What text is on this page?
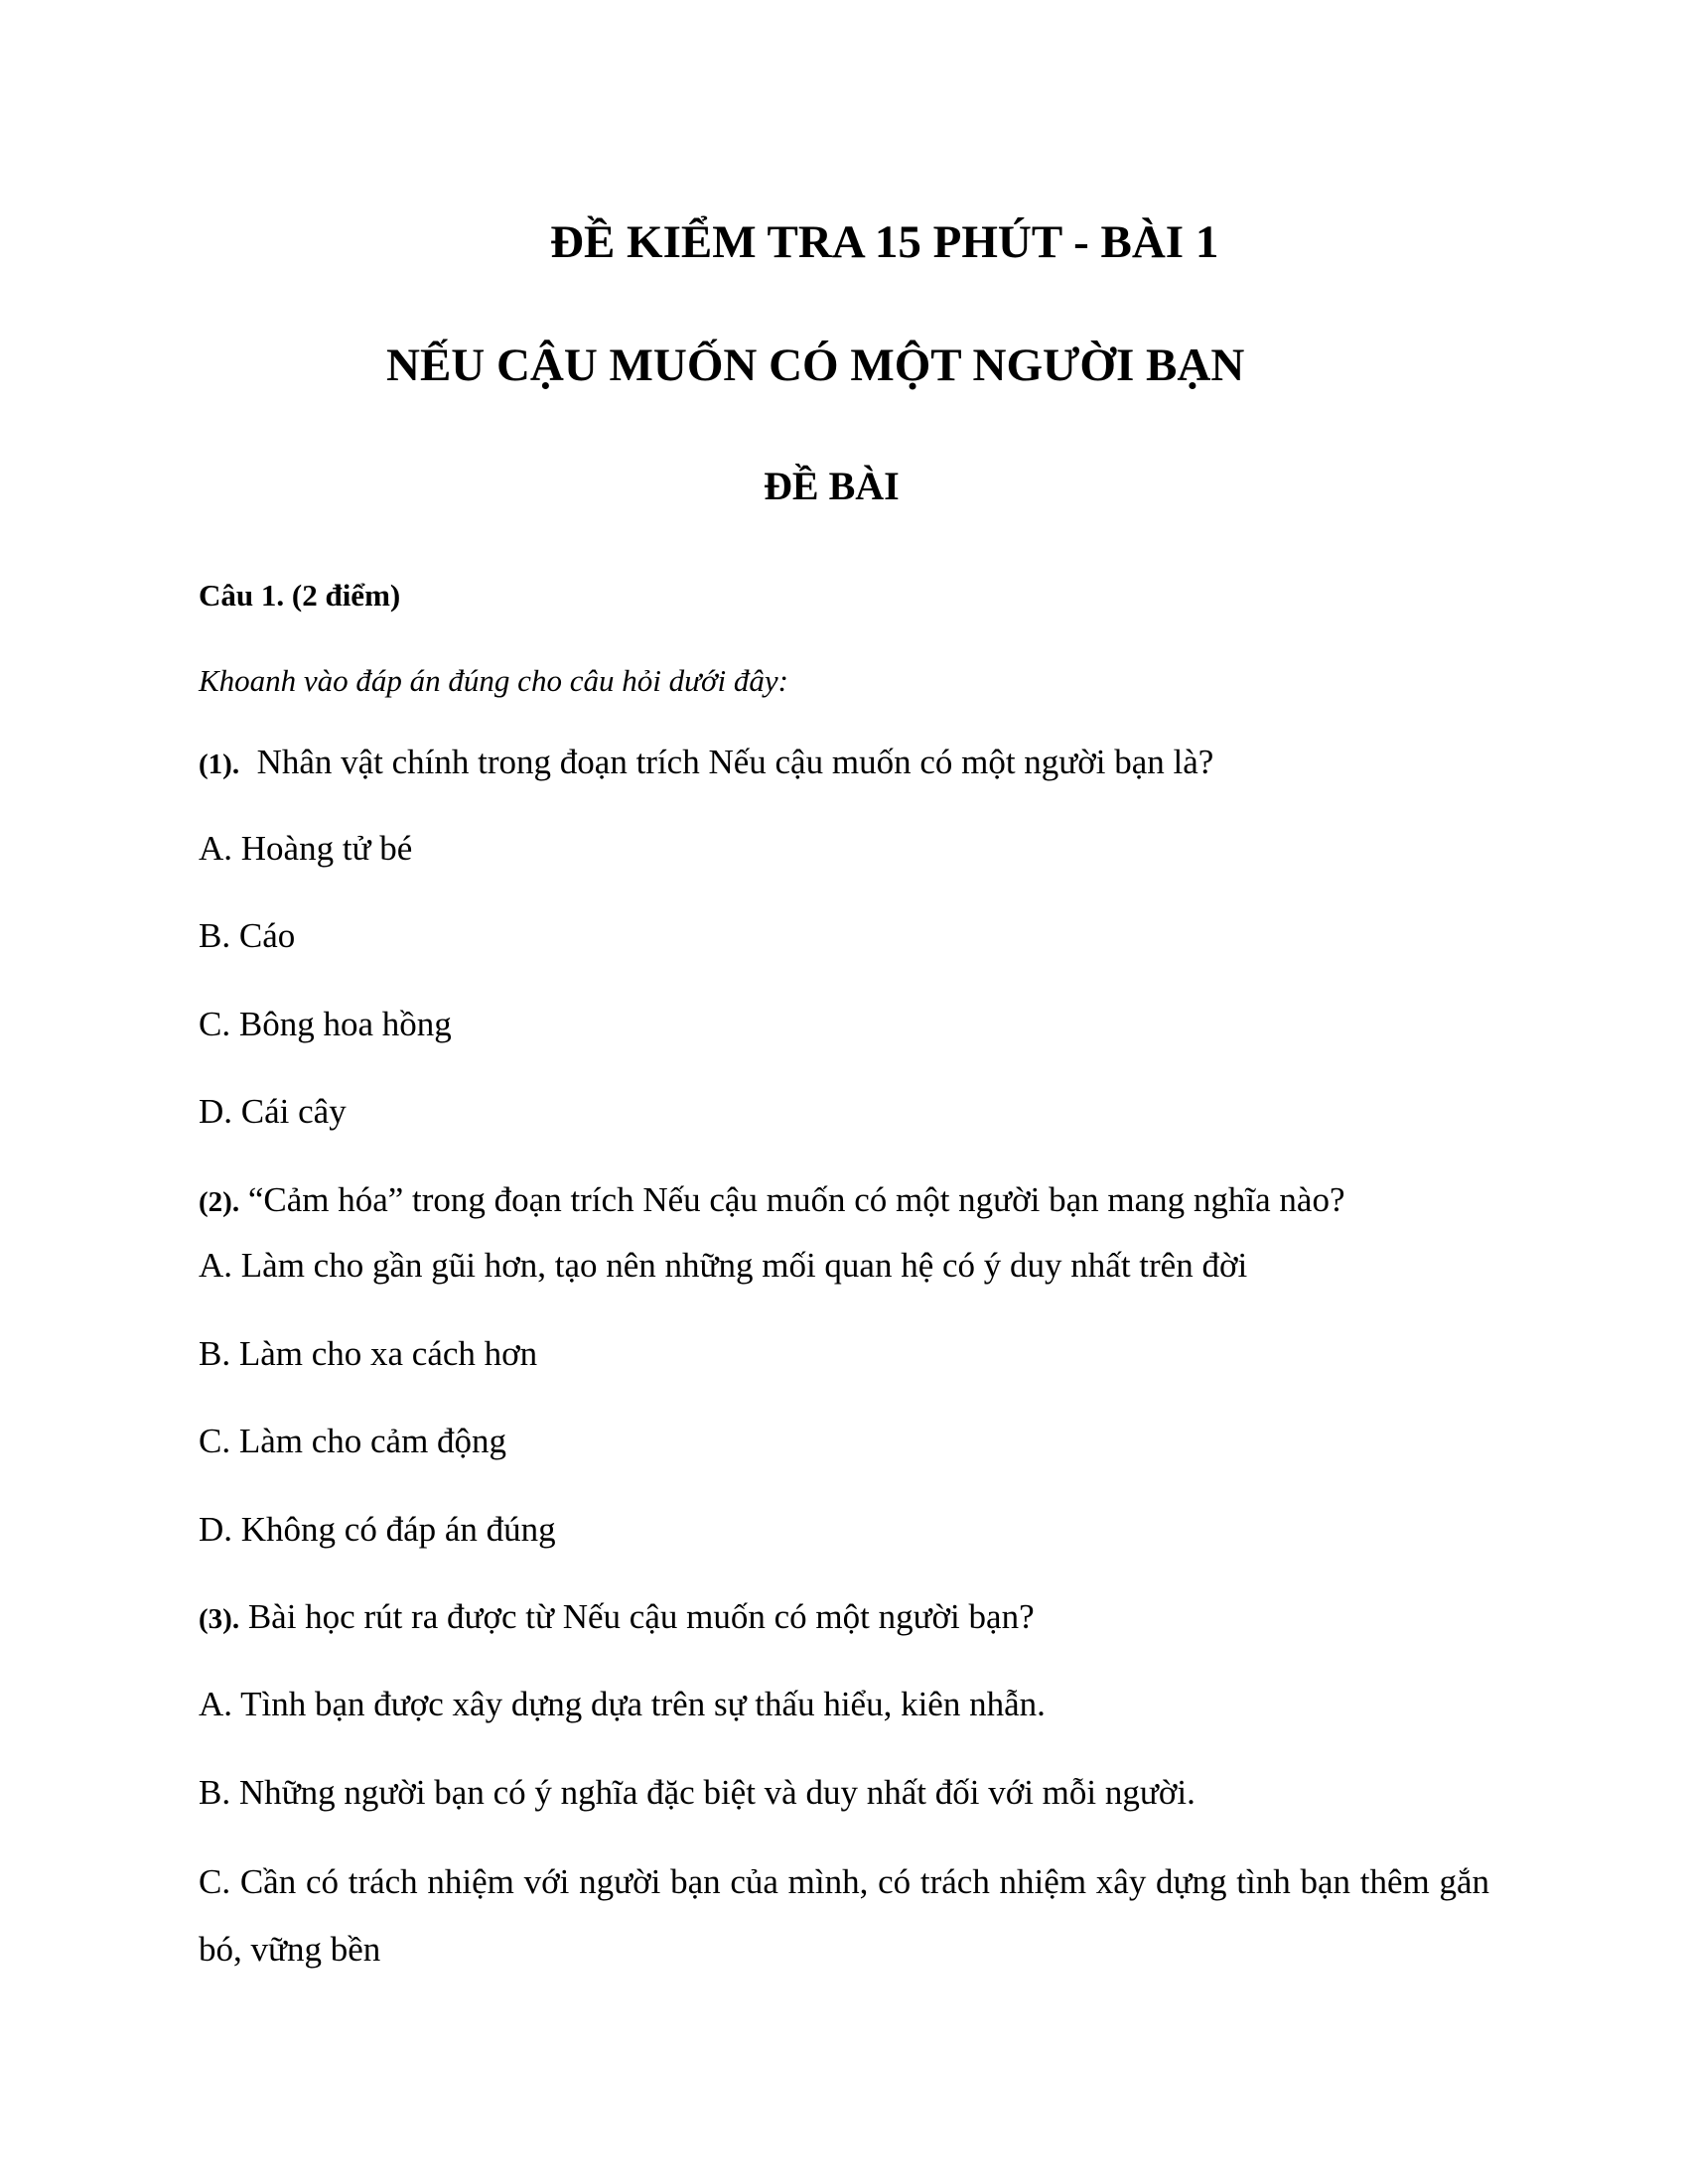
ĐỀ KIỂM TRA 15 PHÚT - BÀI 1
NẾU CẬU MUỐN CÓ MỘT NGƯỜI BẠN
ĐỀ BÀI
Câu 1. (2 điểm)
Khoanh vào đáp án đúng cho câu hỏi dưới đây:
(1). Nhân vật chính trong đoạn trích Nếu cậu muốn có một người bạn là?
A. Hoàng tử bé
B. Cáo
C. Bông hoa hồng
D. Cái cây
(2). “Cảm hóa” trong đoạn trích Nếu cậu muốn có một người bạn mang nghĩa nào?
A. Làm cho gần gũi hơn, tạo nên những mối quan hệ có ý duy nhất trên đời
B. Làm cho xa cách hơn
C. Làm cho cảm động
D. Không có đáp án đúng
(3). Bài học rút ra được từ Nếu cậu muốn có một người bạn?
A. Tình bạn được xây dựng dựa trên sự thấu hiểu, kiên nhẫn.
B. Những người bạn có ý nghĩa đặc biệt và duy nhất đối với mỗi người.
C. Cần có trách nhiệm với người bạn của mình, có trách nhiệm xây dựng tình bạn thêm gắn bó, vững bền
